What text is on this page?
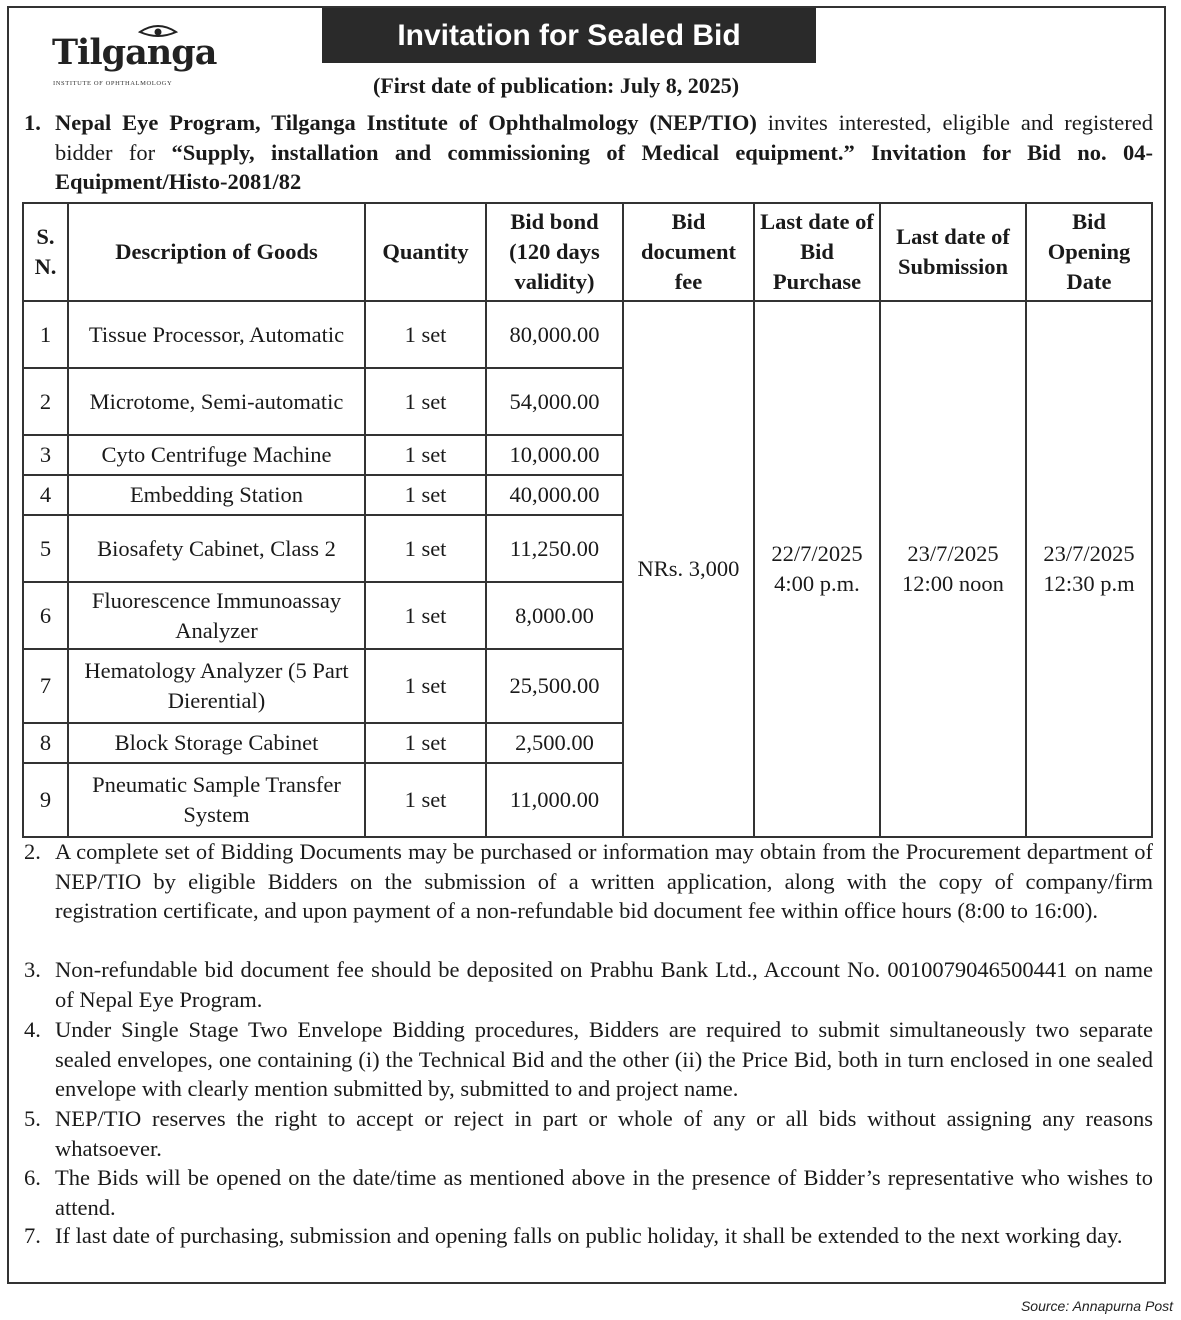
Tilganga
INSTITUTE OF OPHTHALMOLOGY
Invitation for Sealed Bid
(First date of publication: July 8, 2025)
1. Nepal Eye Program, Tilganga Institute of Ophthalmology (NEP/TIO) invites interested, eligible and registered bidder for “Supply, installation and commissioning of Medical equipment.” Invitation for Bid no. 04-Equipment/Histo-2081/82
S. N.	Description of Goods	Quantity	Bid bond (120 days validity)	Bid document fee	Last date of Bid Purchase	Last date of Submission	Bid Opening Date
1	Tissue Processor, Automatic	1 set	80,000.00	NRs. 3,000	22/7/2025 4:00 p.m.	23/7/2025 12:00 noon	23/7/2025 12:30 p.m
2	Microtome, Semi-automatic	1 set	54,000.00				
3	Cyto Centrifuge Machine	1 set	10,000.00				
4	Embedding Station	1 set	40,000.00				
5	Biosafety Cabinet, Class 2	1 set	11,250.00				
6	Fluorescence Immunoassay Analyzer	1 set	8,000.00				
7	Hematology Analyzer (5 Part Dierential)	1 set	25,500.00				
8	Block Storage Cabinet	1 set	2,500.00				
9	Pneumatic Sample Transfer System	1 set	11,000.00				
2. A complete set of Bidding Documents may be purchased or information may obtain from the Procurement department of NEP/TIO by eligible Bidders on the submission of a written application, along with the copy of company/firm registration certificate, and upon payment of a non-refundable bid document fee within office hours (8:00 to 16:00).
3. Non-refundable bid document fee should be deposited on Prabhu Bank Ltd., Account No. 0010079046500441 on name of Nepal Eye Program.
4. Under Single Stage Two Envelope Bidding procedures, Bidders are required to submit simultaneously two separate sealed envelopes, one containing (i) the Technical Bid and the other (ii) the Price Bid, both in turn enclosed in one sealed envelope with clearly mention submitted by, submitted to and project name.
5. NEP/TIO reserves the right to accept or reject in part or whole of any or all bids without assigning any reasons whatsoever.
6. The Bids will be opened on the date/time as mentioned above in the presence of Bidder’s representative who wishes to attend.
7. If last date of purchasing, submission and opening falls on public holiday, it shall be extended to the next working day.
Source: Annapurna Post
